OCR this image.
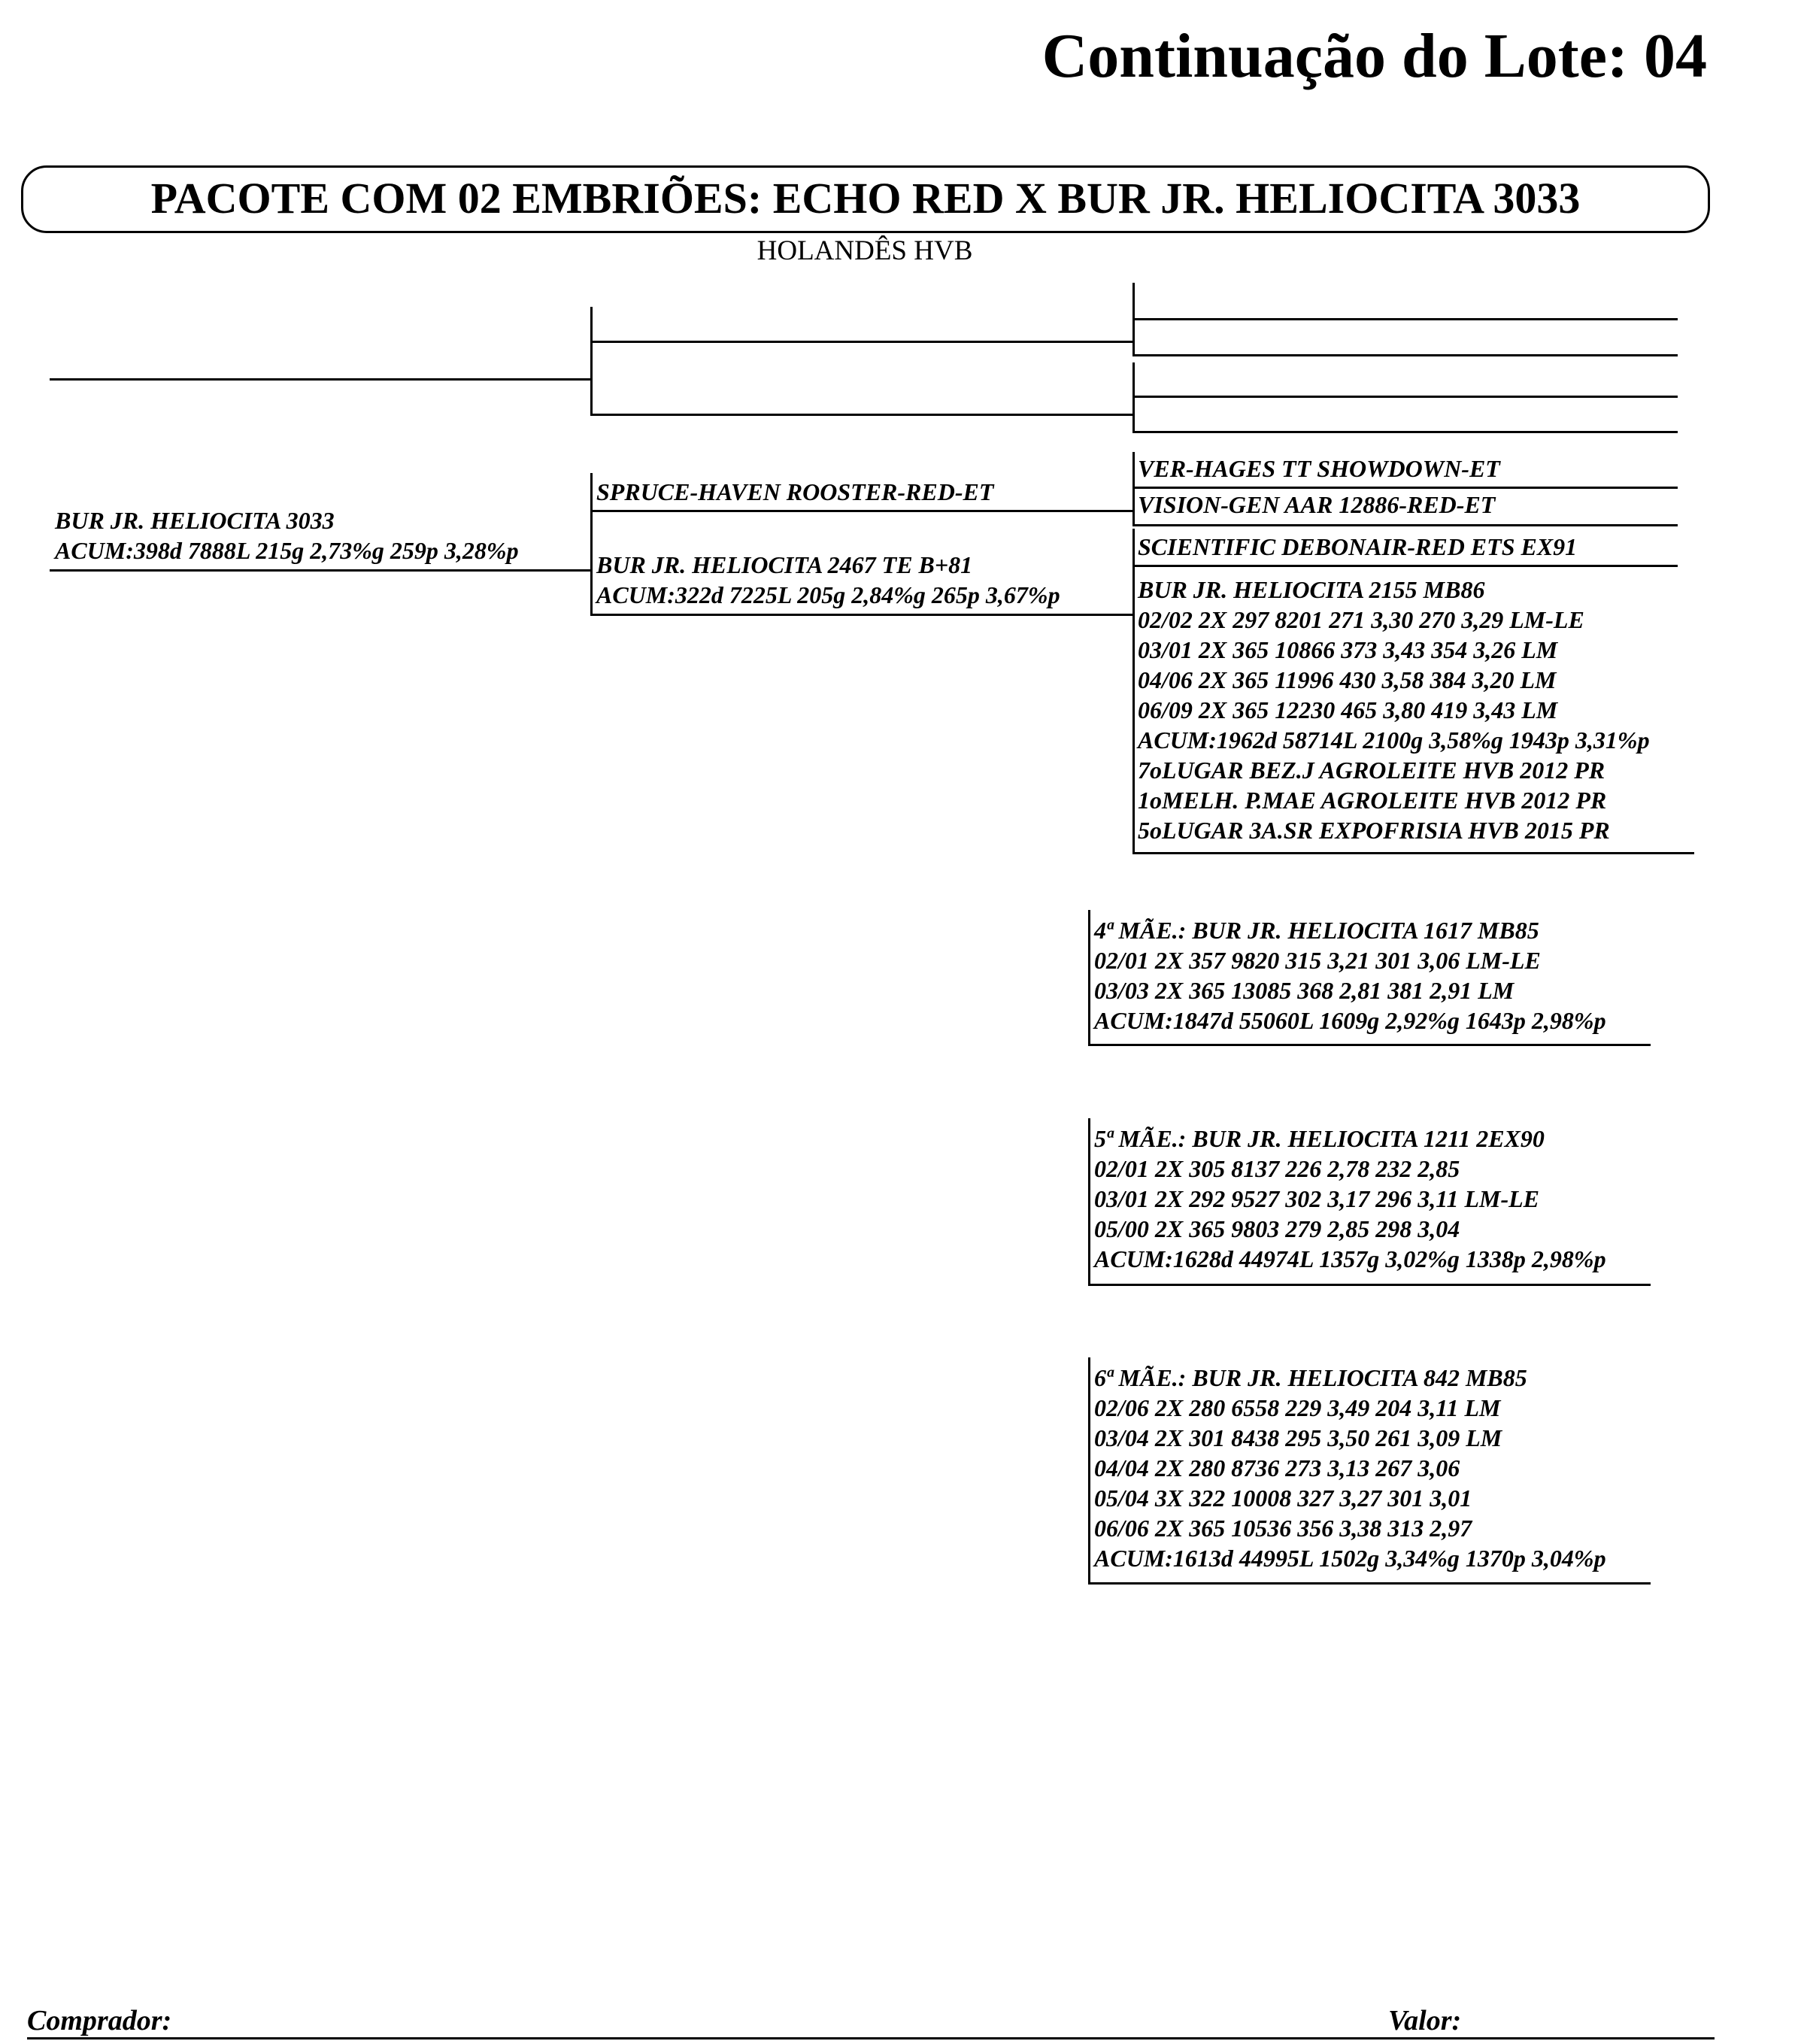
Continuação do Lote: 04
PACOTE COM 02 EMBRIÕES: ECHO RED X BUR JR. HELIOCITA 3033
HOLANDÊS HVB
BUR JR. HELIOCITA 3033
ACUM:398d 7888L 215g 2,73%g 259p 3,28%p
SPRUCE-HAVEN ROOSTER-RED-ET
BUR JR. HELIOCITA 2467 TE B+81
ACUM:322d 7225L 205g 2,84%g 265p 3,67%p
VER-HAGES TT SHOWDOWN-ET
VISION-GEN AAR 12886-RED-ET
SCIENTIFIC DEBONAIR-RED ETS EX91
BUR JR. HELIOCITA 2155 MB86
02/02 2X 297 8201 271 3,30 270 3,29 LM-LE
03/01 2X 365 10866 373 3,43 354 3,26 LM
04/06 2X 365 11996 430 3,58 384 3,20 LM
06/09 2X 365 12230 465 3,80 419 3,43 LM
ACUM:1962d 58714L 2100g 3,58%g 1943p 3,31%p
7oLUGAR BEZ.J AGROLEITE HVB 2012 PR
1oMELH. P.MAE AGROLEITE HVB 2012 PR
5oLUGAR 3A.SR EXPOFRISIA HVB 2015 PR
4ª MÃE.: BUR JR. HELIOCITA 1617 MB85
02/01 2X 357 9820 315 3,21 301 3,06 LM-LE
03/03 2X 365 13085 368 2,81 381 2,91 LM
ACUM:1847d 55060L 1609g 2,92%g 1643p 2,98%p
5ª MÃE.: BUR JR. HELIOCITA 1211 2EX90
02/01 2X 305 8137 226 2,78 232 2,85
03/01 2X 292 9527 302 3,17 296 3,11 LM-LE
05/00 2X 365 9803 279 2,85 298 3,04
ACUM:1628d 44974L 1357g 3,02%g 1338p 2,98%p
6ª MÃE.: BUR JR. HELIOCITA 842 MB85
02/06 2X 280 6558 229 3,49 204 3,11 LM
03/04 2X 301 8438 295 3,50 261 3,09 LM
04/04 2X 280 8736 273 3,13 267 3,06
05/04 3X 322 10008 327 3,27 301 3,01
06/06 2X 365 10536 356 3,38 313 2,97
ACUM:1613d 44995L 1502g 3,34%g 1370p 3,04%p
Comprador:	Valor:
